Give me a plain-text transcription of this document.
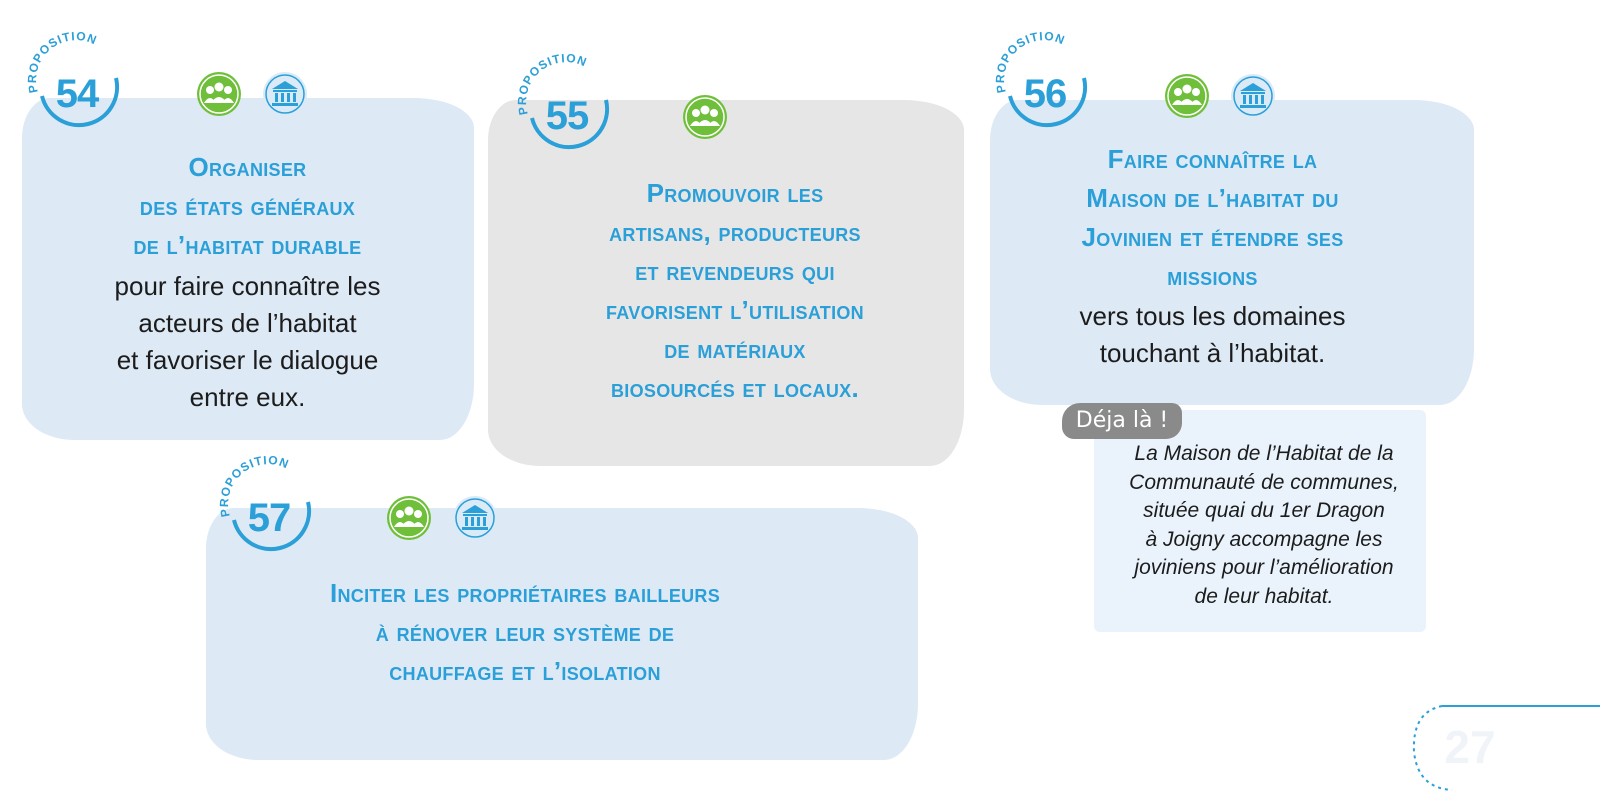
PROPOSITION
54
Organiser
des états généraux
de l’habitat durable
pour faire connaître les
acteurs de l’habitat
et favoriser le dialogue
entre eux.
PROPOSITION
55
Promouvoir les
artisans, producteurs
et revendeurs qui
favorisent l’utilisation
de matériaux
biosourcés et locaux.
PROPOSITION
56
Faire connaître la
Maison de l’habitat du
Jovinien et étendre ses
missions
vers tous les domaines
touchant à l’habitat.
Déja là !
La Maison de l’Habitat de la
Communauté de communes,
située quai du 1er Dragon
à Joigny accompagne les
joviniens pour l’amélioration
de leur habitat.
PROPOSITION
57
Inciter les propriétaires bailleurs
à rénover leur système de
chauffage et l’isolation
27
